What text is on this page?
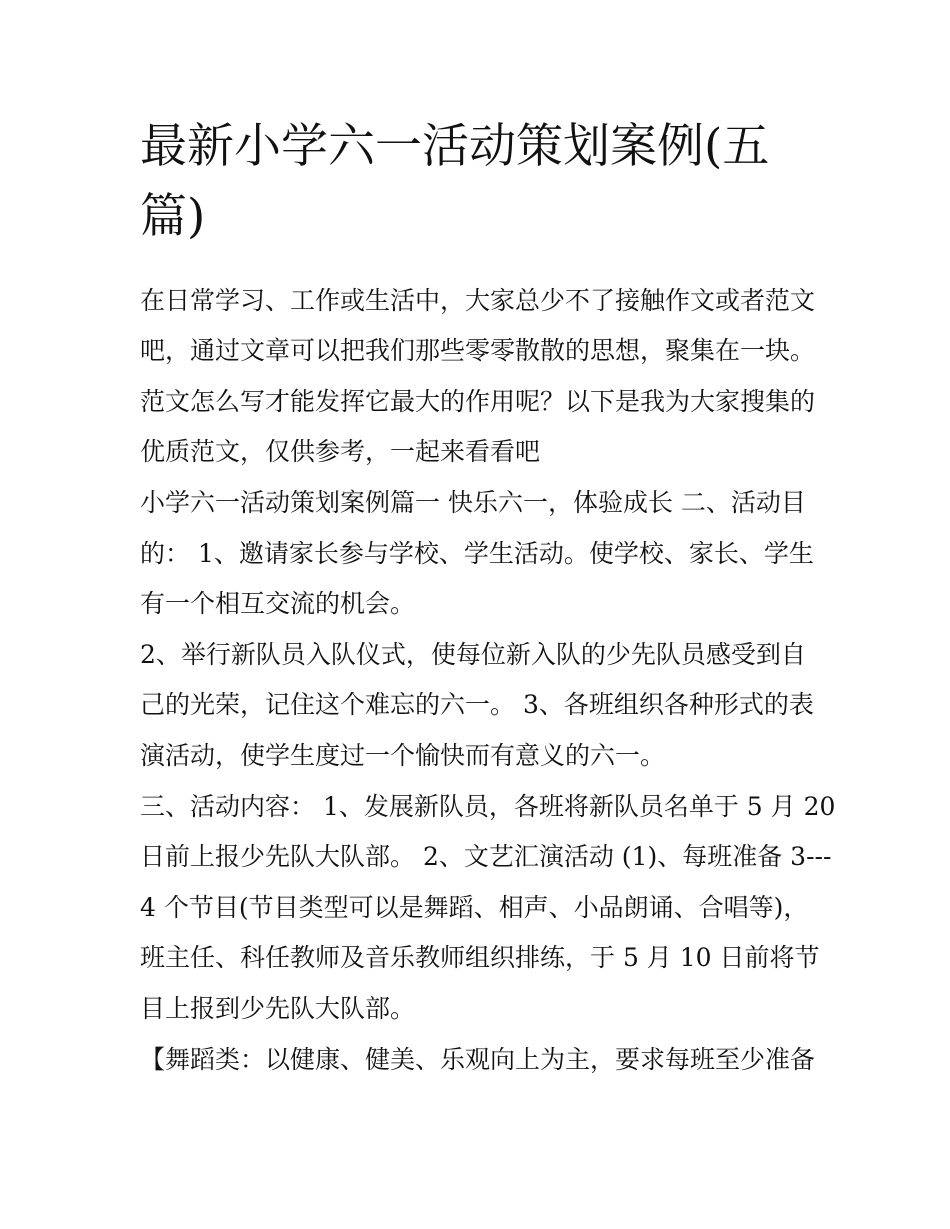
最新小学六一活动策划案例(五
篇)

在日常学习、工作或生活中，大家总少不了接触作文或者范文

吧，通过文章可以把我们那些零零散散的思想，聚集在一块。

范文怎么写才能发挥它最大的作用呢？以下是我为大家搜集的

优质范文，仅供参考，一起来看看吧

小学六一活动策划案例篇一 快乐六一，体验成长 二、活动目

的： 1、邀请家长参与学校、学生活动。使学校、家长、学生

有一个相互交流的机会。

2、举行新队员入队仪式，使每位新入队的少先队员感受到自

己的光荣，记住这个难忘的六一。 3、各班组织各种形式的表

演活动，使学生度过一个愉快而有意义的六一。

三、活动内容： 1、发展新队员，各班将新队员名单于 5 月 20

日前上报少先队大队部。 2、文艺汇演活动 (1)、每班准备 3---

4 个节目(节目类型可以是舞蹈、相声、小品朗诵、合唱等)，

班主任、科任教师及音乐教师组织排练，于 5 月 10 日前将节

目上报到少先队大队部。

【舞蹈类：以健康、健美、乐观向上为主，要求每班至少准备
